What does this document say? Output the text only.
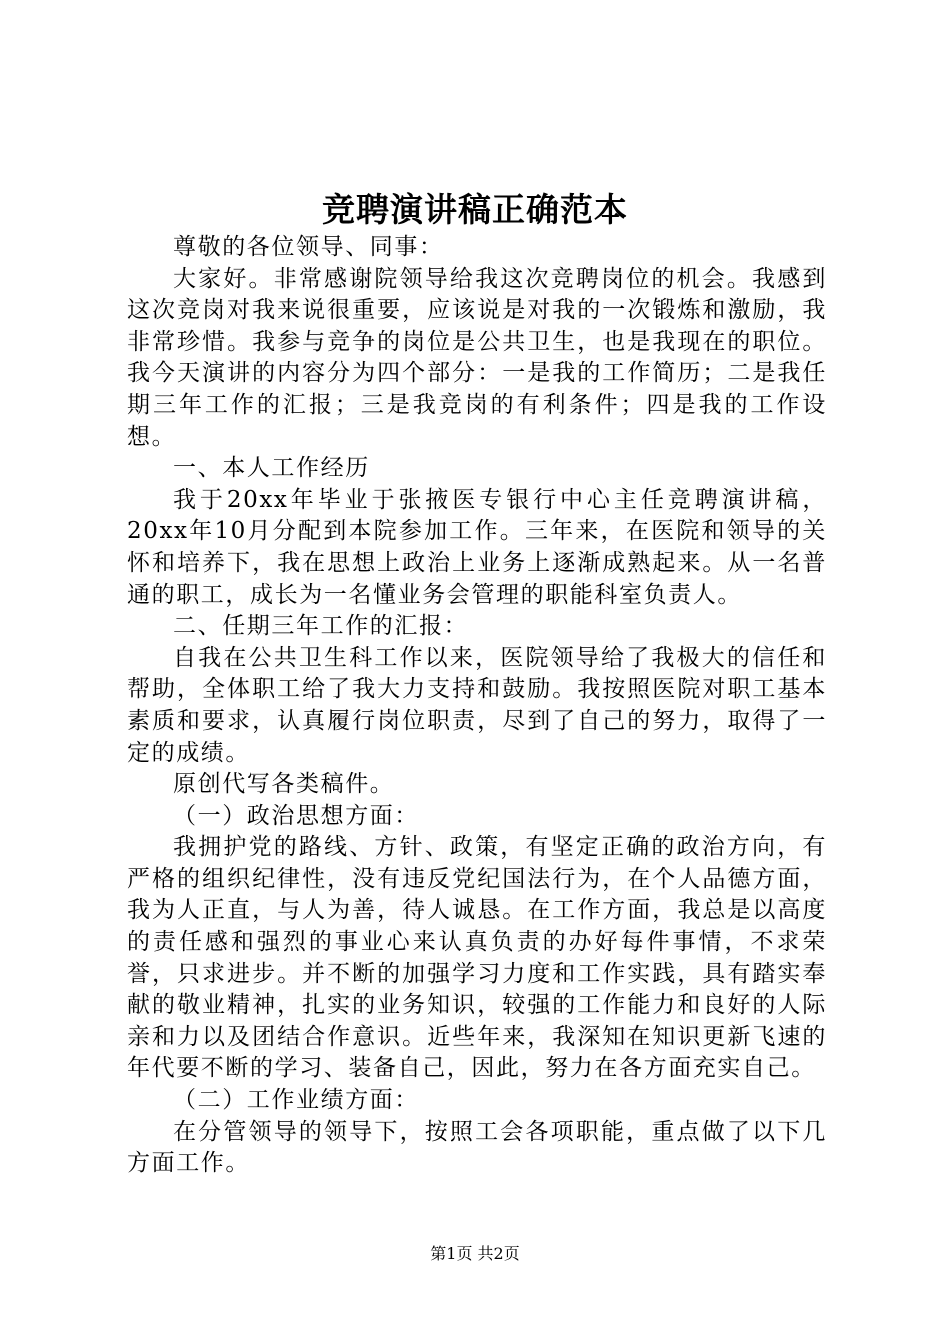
竞聘演讲稿正确范本

尊敬的各位领导、同事：

大家好。非常感谢院领导给我这次竞聘岗位的机会。我感到这次竞岗对我来说很重要，应该说是对我的一次锻炼和激励，我非常珍惜。我参与竞争的岗位是公共卫生，也是我现在的职位。我今天演讲的内容分为四个部分：一是我的工作简历；二是我任期三年工作的汇报；三是我竞岗的有利条件；四是我的工作设想。

一、本人工作经历

我于20xx年毕业于张掖医专银行中心主任竞聘演讲稿，20xx年10月分配到本院参加工作。三年来，在医院和领导的关怀和培养下，我在思想上政治上业务上逐渐成熟起来。从一名普通的职工，成长为一名懂业务会管理的职能科室负责人。

二、任期三年工作的汇报：

自我在公共卫生科工作以来，医院领导给了我极大的信任和帮助，全体职工给了我大力支持和鼓励。我按照医院对职工基本素质和要求，认真履行岗位职责，尽到了自己的努力，取得了一定的成绩。

原创代写各类稿件。

（一）政治思想方面：

我拥护党的路线、方针、政策，有坚定正确的政治方向，有严格的组织纪律性，没有违反党纪国法行为，在个人品德方面，我为人正直，与人为善，待人诚恳。在工作方面，我总是以高度的责任感和强烈的事业心来认真负责的办好每件事情，不求荣誉，只求进步。并不断的加强学习力度和工作实践，具有踏实奉献的敬业精神，扎实的业务知识，较强的工作能力和良好的人际亲和力以及团结合作意识。近些年来，我深知在知识更新飞速的年代要不断的学习、装备自己，因此，努力在各方面充实自己。

（二）工作业绩方面：

在分管领导的领导下，按照工会各项职能，重点做了以下几方面工作。

第1页 共2页
